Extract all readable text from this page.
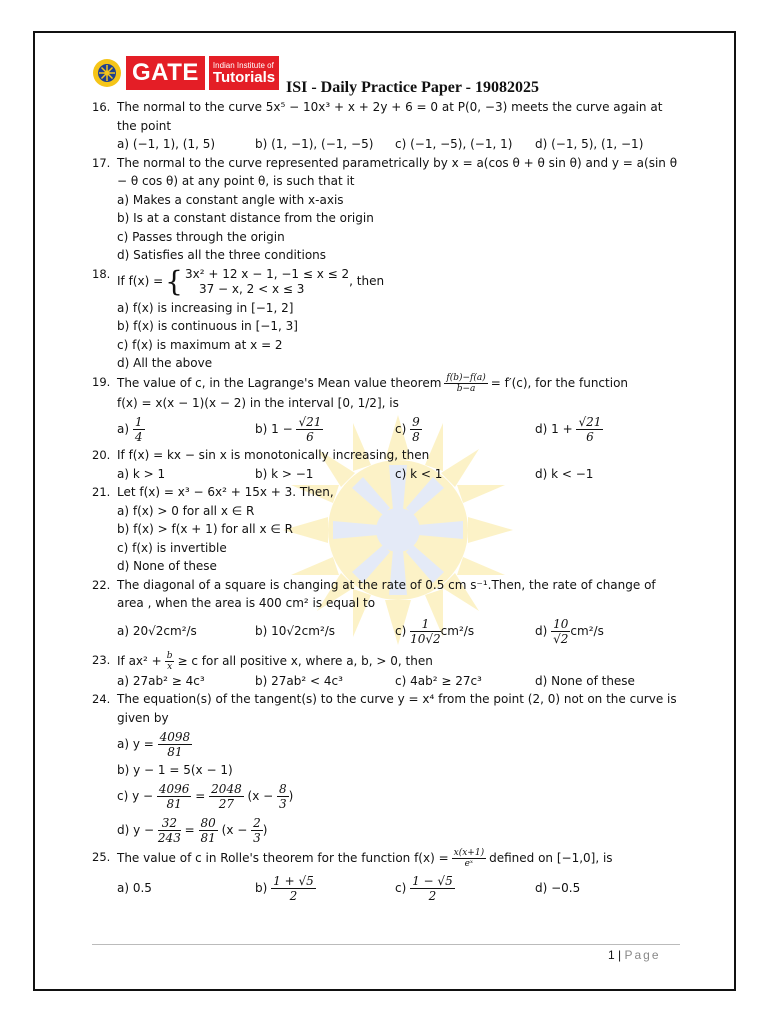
GATE	Indian Institute of
Tutorials
ISI - Daily Practice Paper - 19082025
16. The normal to the curve 5x⁵ − 10x³ + x + 2y + 6 = 0 at P(0, −3) meets the curve again at the point
a) (−1, 1), (1, 5)	b) (1, −1), (−1, −5)	c) (−1, −5), (−1, 1)	d) (−1, 5), (1, −1)
17. The normal to the curve represented parametrically by x = a(cos θ + θ sin θ) and y = a(sin θ − θ cos θ) at any point θ, is such that it
a) Makes a constant angle with x-axis
b) Is at a constant distance from the origin
c) Passes through the origin
d) Satisfies all the three conditions
18.
If f(x) = { 3x² + 12 x − 1, −1 ≤ x ≤ 2
37 − x, 2 < x ≤ 3
, then
a) f(x) is increasing in [−1, 2]
b) f(x) is continuous in [−1, 3]
c) f(x) is maximum at x = 2
d) All the above
19. The value of c, in the Lagrange's Mean value theorem $\frac{f(b)-f(a)}{b-a} = f'(c)$, for the function
f(x) = x(x − 1)(x − 2) in the interval [0, 1/2], is
$a) \frac{1}{4}$	b) $1 - \frac{√21}{6}$	$c) \frac{9}{8}$	d) $1 + \frac{√21}{6}$
20. If f(x) = kx − sin x is monotonically increasing, then
a) k > 1	b) k > −1	c) k < 1	d) k < −1
21. Let f(x) = x³ − 6x² + 15x + 3. Then,
a) f(x) > 0 for all x ∈ R
b) f(x) > f(x + 1) for all x ∈ R
c) f(x) is invertible
d) None of these
22. The diagonal of a square is changing at the rate of 0.5 cm s⁻¹.Then, the rate of change of area , when the area is 400 cm² is equal to
a) 20√2cm²/s	b) 10√2cm²/s	$c) \frac{1}{10√2} cm^2/s$	$d) \frac{10}{√2} cm^2/s$
23. If $ax^2 + \frac{b}{x} \ge c$ for all positive x, where a, b, > 0, then
a) 27ab² ≥ 4c³	b) 27ab² < 4c³	c) 4ab² ≥ 27c³	d) None of these
24. The equation(s) of the tangent(s) to the curve y = x⁴ from the point (2, 0) not on the curve is given by
a) y =
$\frac{4098}{81}$
b) y − 1 = 5(x − 1)
c) y −
$\frac{4096}{81}$
=
$\frac{2048}{27}$
(x −
$\frac{8}{3}$ )
d) y −
$\frac{32}{243}$
=
$\frac{80}{81}$
(x −
$\frac{2}{3}$ )
25. The value of c in Rolle's theorem for the function $f(x) = \frac{x(x+1)}{\text{eˣ}}$ defined on [−1,0], is
a) 0.5	$b) \frac{1 + √5}{2}$	$c) \frac{1 - √5}{2}$	d) −0.5
1 | Page
